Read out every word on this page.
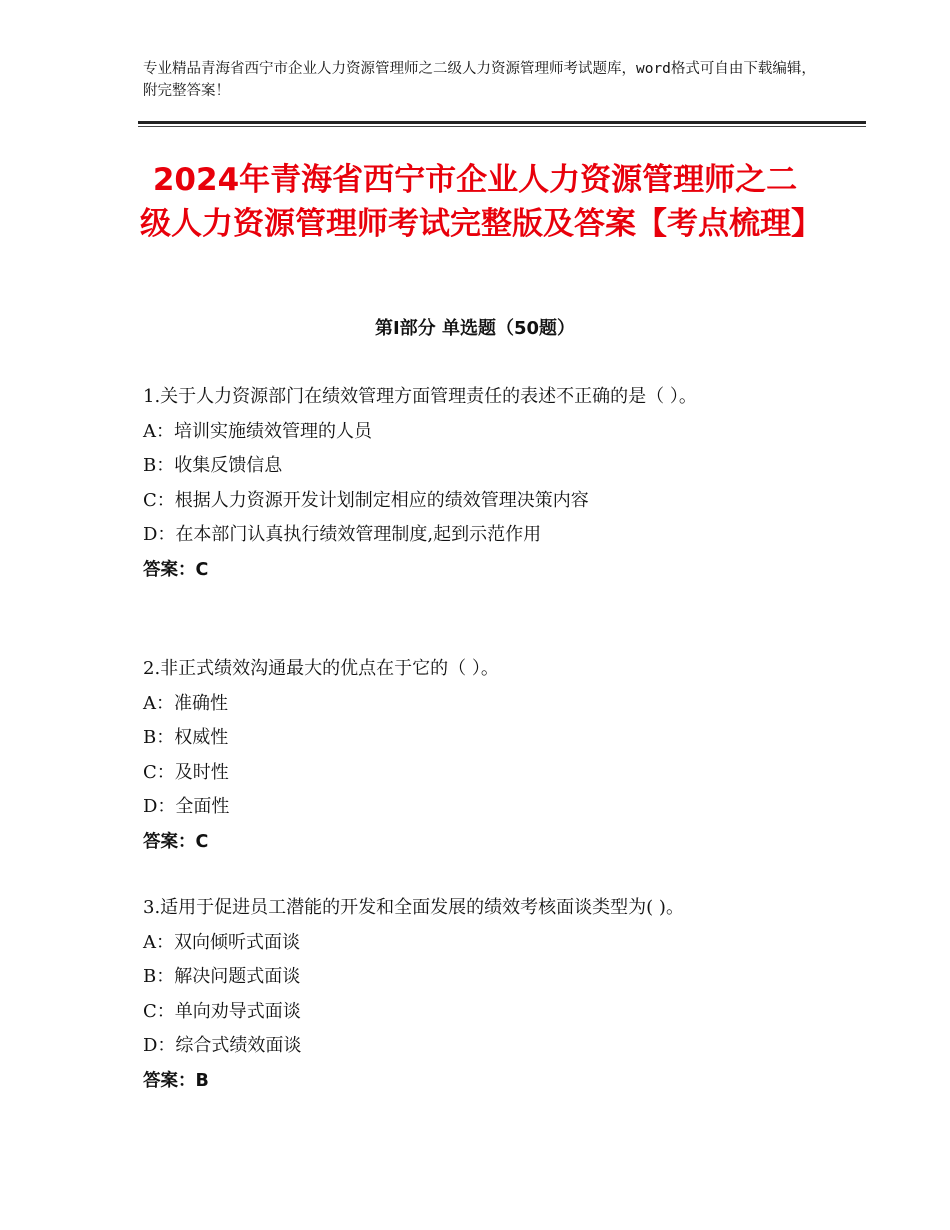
专业精品青海省西宁市企业人力资源管理师之二级人力资源管理师考试题库，word格式可自由下载编辑，附完整答案！
2024年青海省西宁市企业人力资源管理师之二级人力资源管理师考试完整版及答案【考点梳理】
第Ⅰ部分 单选题（50题）
1.关于人力资源部门在绩效管理方面管理责任的表述不正确的是（ ）。
A：培训实施绩效管理的人员
B：收集反馈信息
C：根据人力资源开发计划制定相应的绩效管理决策内容
D：在本部门认真执行绩效管理制度,起到示范作用
答案：C
2.非正式绩效沟通最大的优点在于它的（ ）。
A：准确性
B：权威性
C：及时性
D：全面性
答案：C
3.适用于促进员工潜能的开发和全面发展的绩效考核面谈类型为( )。
A：双向倾听式面谈
B：解决问题式面谈
C：单向劝导式面谈
D：综合式绩效面谈
答案：B
